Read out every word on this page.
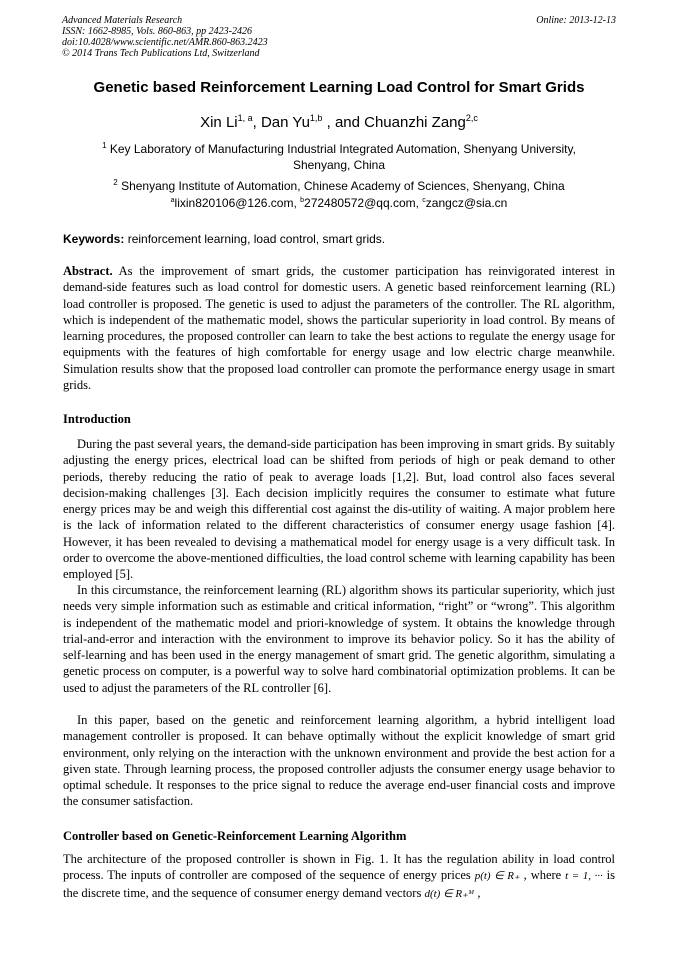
Advanced Materials Research
ISSN: 1662-8985, Vols. 860-863, pp 2423-2426
doi:10.4028/www.scientific.net/AMR.860-863.2423
© 2014 Trans Tech Publications Ltd, Switzerland
Online: 2013-12-13
Genetic based Reinforcement Learning Load Control for Smart Grids
Xin Li$^{1, a}$, Dan Yu$^{1,b}$ , and Chuanzhi Zang$^{2,c}$
$^1$ Key Laboratory of Manufacturing Industrial Integrated Automation, Shenyang University, Shenyang, China
$^2$ Shenyang Institute of Automation, Chinese Academy of Sciences, Shenyang, China
$^a$lixin820106@126.com, $^b$272480572@qq.com, $^c$zangcz@sia.cn
Keywords: reinforcement learning, load control, smart grids.

Abstract. As the improvement of smart grids, the customer participation has reinvigorated interest in demand-side features such as load control for domestic users. A genetic based reinforcement learning (RL) load controller is proposed. The genetic is used to adjust the parameters of the controller. The RL algorithm, which is independent of the mathematic model, shows the particular superiority in load control. By means of learning procedures, the proposed controller can learn to take the best actions to regulate the energy usage for equipments with the features of high comfortable for energy usage and low electric charge meanwhile. Simulation results show that the proposed load controller can promote the performance energy usage in smart grids.

Introduction

During the past several years, the demand-side participation has been improving in smart grids. By suitably adjusting the energy prices, electrical load can be shifted from periods of high or peak demand to other periods, thereby reducing the ratio of peak to average loads [1,2]. But, load control also faces several decision-making challenges [3]. Each decision implicitly requires the consumer to estimate what future energy prices may be and weigh this differential cost against the dis-utility of waiting. A major problem here is the lack of information related to the different characteristics of consumer energy usage fashion [4]. However, it has been revealed to devising a mathematical model for energy usage is a very difficult task. In order to overcome the above-mentioned difficulties, the load control scheme with learning capability has been employed [5].

In this circumstance, the reinforcement learning (RL) algorithm shows its particular superiority, which just needs very simple information such as estimable and critical information, “right” or “wrong”. This algorithm is independent of the mathematic model and priori-knowledge of system. It obtains the knowledge through trial-and-error and interaction with the environment to improve its behavior policy. So it has the ability of self-learning and has been used in the energy management of smart grid. The genetic algorithm, simulating a genetic process on computer, is a powerful way to solve hard combinatorial optimization problems. It can be used to adjust the parameters of the RL controller [6].

In this paper, based on the genetic and reinforcement learning algorithm, a hybrid intelligent load management controller is proposed. It can behave optimally without the explicit knowledge of smart grid environment, only relying on the interaction with the unknown environment and provide the best action for a given state. Through learning process, the proposed controller adjusts the consumer energy usage behavior to optimal schedule. It responses to the price signal to reduce the average end-user financial costs and improve the consumer satisfaction.

Controller based on Genetic-Reinforcement Learning Algorithm

The architecture of the proposed controller is shown in Fig. 1. It has the regulation ability in load control process. The inputs of controller are composed of the sequence of energy prices p(t) ∈ R₊ , where t = 1, ··· is the discrete time, and the sequence of consumer energy demand vectors d(t) ∈ R₊ᴹ ,
